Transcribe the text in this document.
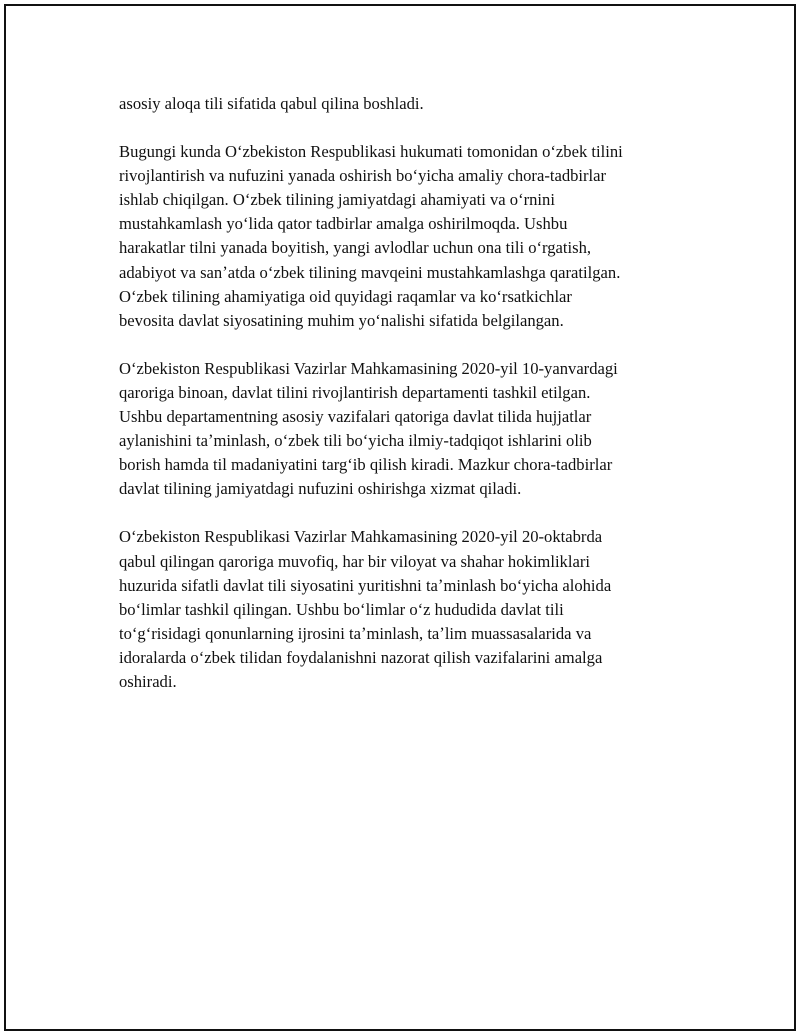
asosiy aloqa tili sifatida qabul qilina boshladi.

Bugungi kunda Oʻzbekiston Respublikasi hukumati tomonidan oʻzbek tilini
rivojlantirish va nufuzini yanada oshirish boʻyicha amaliy chora-tadbirlar
ishlab chiqilgan. Oʻzbek tilining jamiyatdagi ahamiyati va oʻrnini
mustahkamlash yoʻlida qator tadbirlar amalga oshirilmoqda. Ushbu
harakatlar tilni yanada boyitish, yangi avlodlar uchun ona tili oʻrgatish,
adabiyot va sanʼatda oʻzbek tilining mavqeini mustahkamlashga qaratilgan.
Oʻzbek tilining ahamiyatiga oid quyidagi raqamlar va koʻrsatkichlar
bevosita davlat siyosatining muhim yoʻnalishi sifatida belgilangan.

Oʻzbekiston Respublikasi Vazirlar Mahkamasining 2020-yil 10-yanvardagi
qaroriga binoan, davlat tilini rivojlantirish departamenti tashkil etilgan.
Ushbu departamentning asosiy vazifalari qatoriga davlat tilida hujjatlar
aylanishini taʼminlash, oʻzbek tili boʻyicha ilmiy-tadqiqot ishlarini olib
borish hamda til madaniyatini targʻib qilish kiradi. Mazkur chora-tadbirlar
davlat tilining jamiyatdagi nufuzini oshirishga xizmat qiladi.

Oʻzbekiston Respublikasi Vazirlar Mahkamasining 2020-yil 20-oktabrda
qabul qilingan qaroriga muvofiq, har bir viloyat va shahar hokimliklari
huzurida sifatli davlat tili siyosatini yuritishni taʼminlash boʻyicha alohida
boʻlimlar tashkil qilingan. Ushbu boʻlimlar oʻz hududida davlat tili
toʻgʻrisidagi qonunlarning ijrosini taʼminlash, taʼlim muassasalarida va
idoralarda oʻzbek tilidan foydalanishni nazorat qilish vazifalarini amalga
oshiradi.
